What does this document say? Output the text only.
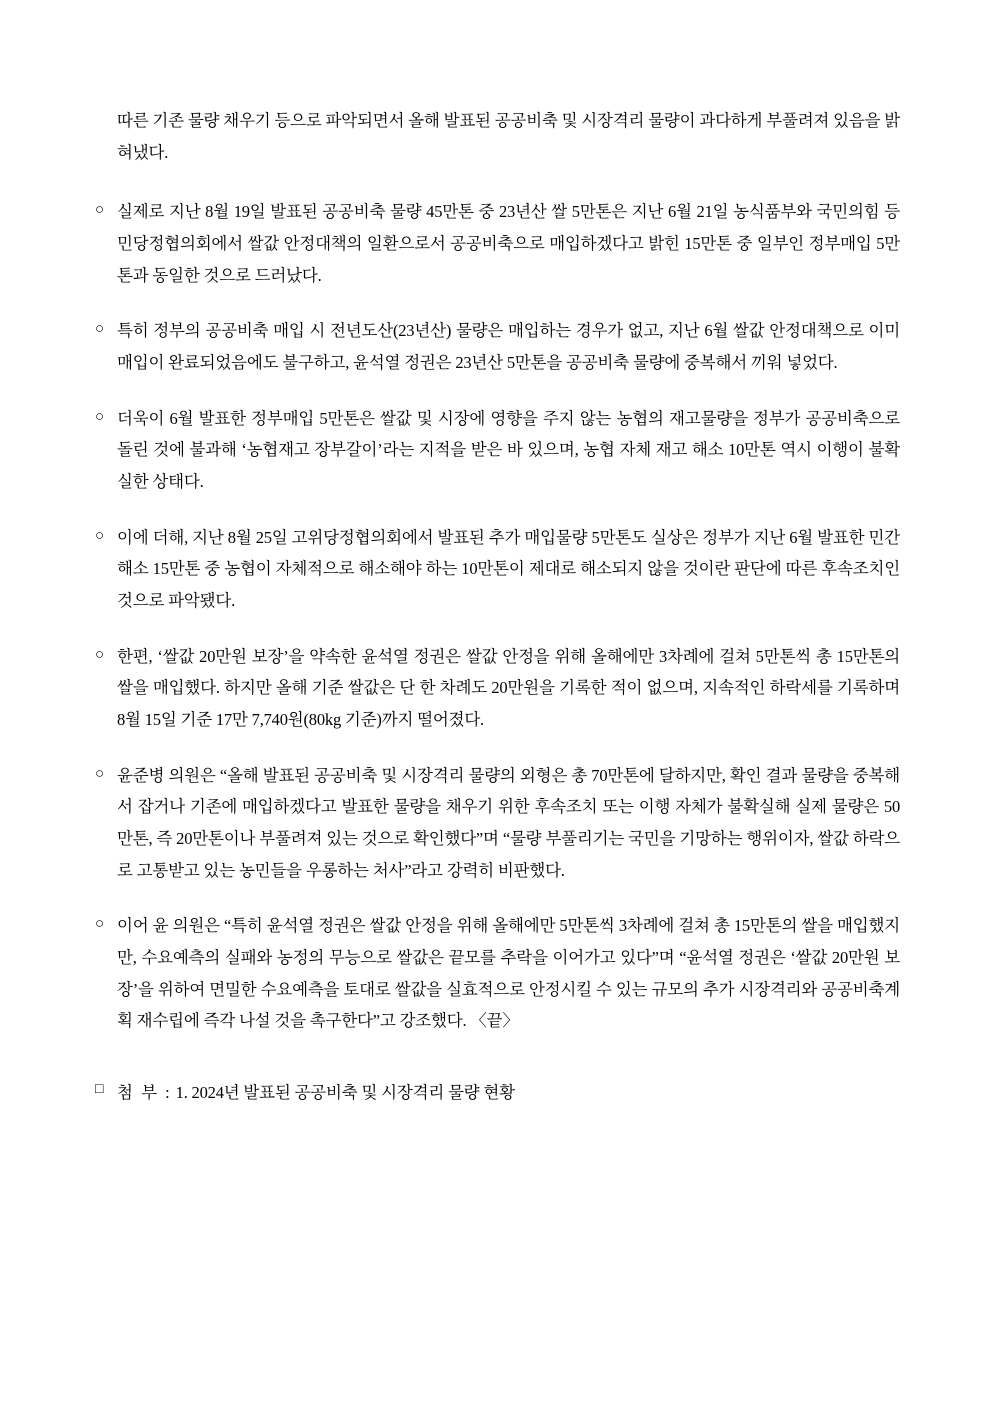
따른 기존 물량 채우기 등으로 파악되면서 올해 발표된 공공비축 및 시장격리 물량이 과다하게 부풀려져 있음을 밝혀냈다.
○ 실제로 지난 8월 19일 발표된 공공비축 물량 45만톤 중 23년산 쌀 5만톤은 지난 6월 21일 농식품부와 국민의힘 등 민당정협의회에서 쌀값 안정대책의 일환으로서 공공비축으로 매입하겠다고 밝힌 15만톤 중 일부인 정부매입 5만톤과 동일한 것으로 드러났다.
○ 특히 정부의 공공비축 매입 시 전년도산(23년산) 물량은 매입하는 경우가 없고, 지난 6월 쌀값 안정대책으로 이미 매입이 완료되었음에도 불구하고, 윤석열 정권은 23년산 5만톤을 공공비축 물량에 중복해서 끼워 넣었다.
○ 더욱이 6월 발표한 정부매입 5만톤은 쌀값 및 시장에 영향을 주지 않는 농협의 재고물량을 정부가 공공비축으로 돌린 것에 불과해 ‘농협재고 장부갈이’라는 지적을 받은 바 있으며, 농협 자체 재고 해소 10만톤 역시 이행이 불확실한 상태다.
○ 이에 더해, 지난 8월 25일 고위당정협의회에서 발표된 추가 매입물량 5만톤도 실상은 정부가 지난 6월 발표한 민간해소 15만톤 중 농협이 자체적으로 해소해야 하는 10만톤이 제대로 해소되지 않을 것이란 판단에 따른 후속조치인 것으로 파악됐다.
○ 한편, ‘쌀값 20만원 보장’을 약속한 윤석열 정권은 쌀값 안정을 위해 올해에만 3차례에 걸쳐 5만톤씩 총 15만톤의 쌀을 매입했다. 하지만 올해 기준 쌀값은 단 한 차례도 20만원을 기록한 적이 없으며, 지속적인 하락세를 기록하며 8월 15일 기준 17만 7,740원(80kg 기준)까지 떨어졌다.
○ 윤준병 의원은 “올해 발표된 공공비축 및 시장격리 물량의 외형은 총 70만톤에 달하지만, 확인 결과 물량을 중복해서 잡거나 기존에 매입하겠다고 발표한 물량을 채우기 위한 후속조치 또는 이행 자체가 불확실해 실제 물량은 50만톤, 즉 20만톤이나 부풀려져 있는 것으로 확인했다”며 “물량 부풀리기는 국민을 기망하는 행위이자, 쌀값 하락으로 고통받고 있는 농민들을 우롱하는 처사”라고 강력히 비판했다.
○ 이어 윤 의원은 “특히 윤석열 정권은 쌀값 안정을 위해 올해에만 5만톤씩 3차례에 걸쳐 총 15만톤의 쌀을 매입했지만, 수요예측의 실패와 농정의 무능으로 쌀값은 끝모를 추락을 이어가고 있다”며 “윤석열 정권은 ‘쌀값 20만원 보장’을 위하여 면밀한 수요예측을 토대로 쌀값을 실효적으로 안정시킬 수 있는 규모의 추가 시장격리와 공공비축계획 재수립에 즉각 나설 것을 촉구한다”고 강조했다. 〈끝〉
□ 첨 부 : 1. 2024년 발표된 공공비축 및 시장격리 물량 현황
